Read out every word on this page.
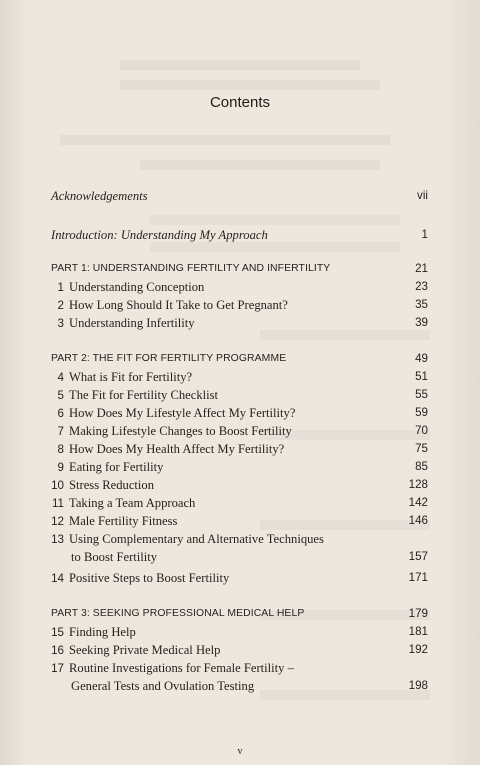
Contents
Acknowledgements	vii
Introduction: Understanding My Approach	1
PART 1: UNDERSTANDING FERTILITY AND INFERTILITY	21
1 Understanding Conception	23
2 How Long Should It Take to Get Pregnant?	35
3 Understanding Infertility	39
PART 2: THE FIT FOR FERTILITY PROGRAMME	49
4 What is Fit for Fertility?	51
5 The Fit for Fertility Checklist	55
6 How Does My Lifestyle Affect My Fertility?	59
7 Making Lifestyle Changes to Boost Fertility	70
8 How Does My Health Affect My Fertility?	75
9 Eating for Fertility	85
10 Stress Reduction	128
11 Taking a Team Approach	142
12 Male Fertility Fitness	146
13 Using Complementary and Alternative Techniques
to Boost Fertility	157
14 Positive Steps to Boost Fertility	171
PART 3: SEEKING PROFESSIONAL MEDICAL HELP	179
15 Finding Help	181
16 Seeking Private Medical Help	192
17 Routine Investigations for Female Fertility –
General Tests and Ovulation Testing	198
v
